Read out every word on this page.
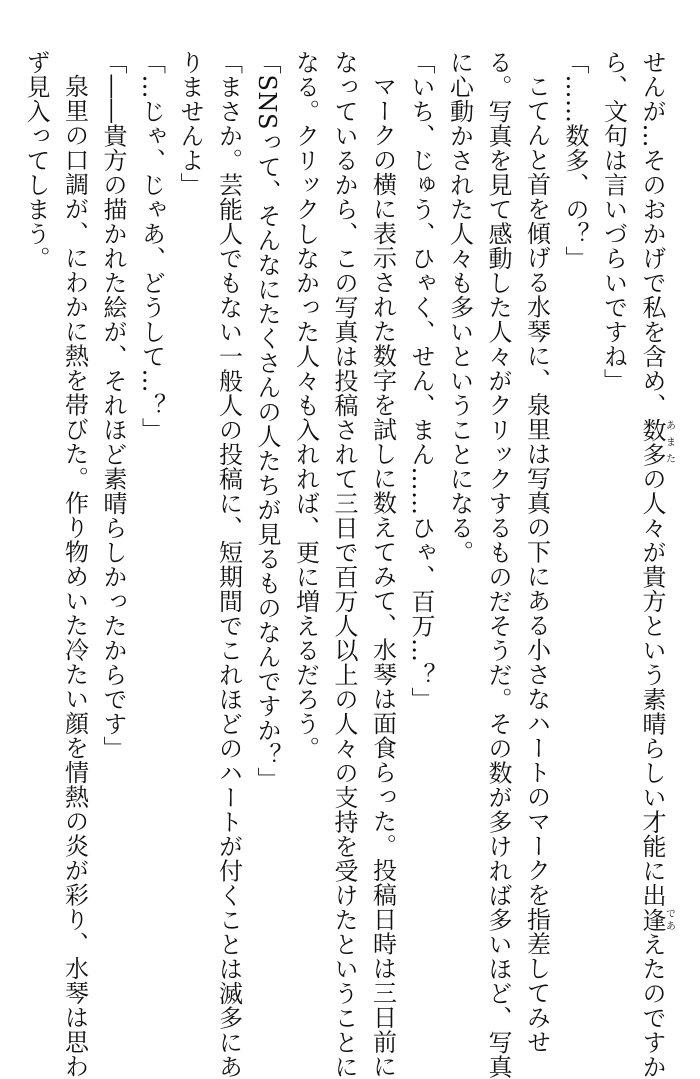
せんが…そのおかげで私を含め、数多あまたの人々が貴方という素晴らしい才能に出逢であえたのですか
ら、文句は言いづらいですね」
「……数多、の？」
こてんと首を傾げる水琴に、泉里は写真の下にある小さなハートのマークを指差してみせ
る。写真を見て感動した人々がクリックするものだそうだ。その数が多ければ多いほど、写真
に心動かされた人々も多いということになる。
「いち、じゅう、ひゃく、せん、まん……ひゃ、百万…？」
マークの横に表示された数字を試しに数えてみて、水琴は面食らった。投稿日時は三日前に
なっているから、この写真は投稿されて三日で百万人以上の人々の支持を受けたということに
なる。クリックしなかった人々も入れれば、更に増えるだろう。
「SNSって、そんなにたくさんの人たちが見るものなんですか？」
「まさか。芸能人でもない一般人の投稿に、短期間でこれほどのハートが付くことは滅多にあ
りませんよ」
「…じゃ、じゃあ、どうして…？」
「――貴方の描かれた絵が、それほど素晴らしかったからです」
泉里の口調が、にわかに熱を帯びた。作り物めいた冷たい顔を情熱の炎が彩り、水琴は思わ
ず見入ってしまう。
